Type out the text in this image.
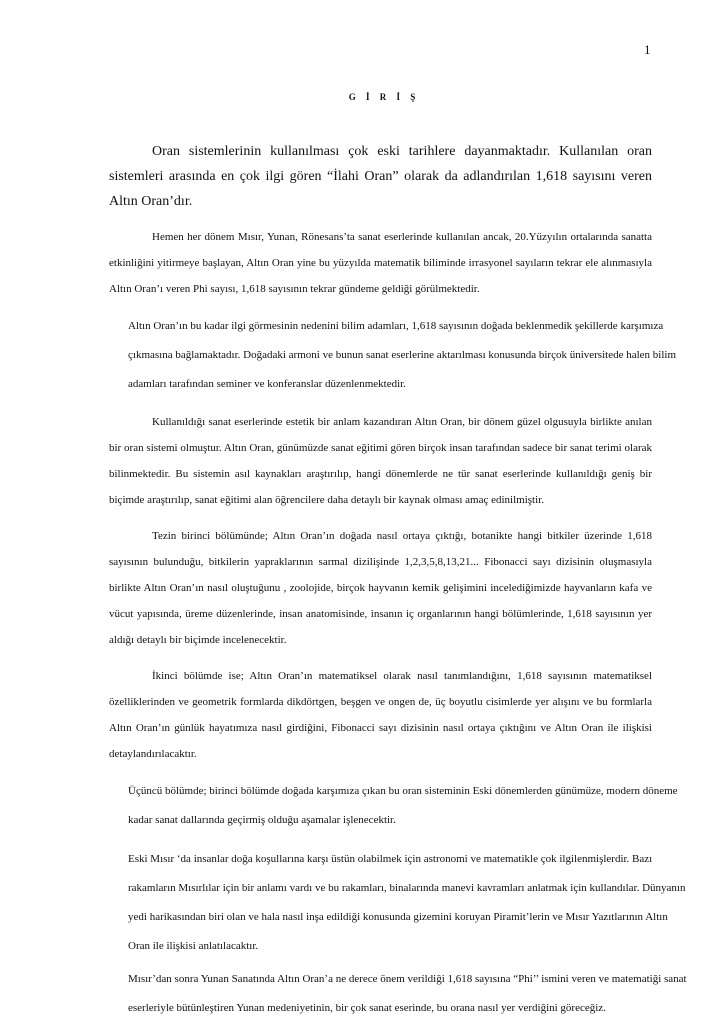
1
G İ R İ Ş

Oran sistemlerinin kullanılması çok eski tarihlere dayanmaktadır. Kullanılan oran sistemleri arasında en çok ilgi gören “İlahi Oran” olarak da adlandırılan 1,618 sayısını veren Altın Oran’dır.

Hemen her dönem Mısır, Yunan, Rönesans’ta sanat eserlerinde kullanılan ancak, 20.Yüzyılın ortalarında sanatta etkinliğini yitirmeye başlayan, Altın Oran yine bu yüzyılda matematik biliminde irrasyonel sayıların tekrar ele alınmasıyla Altın Oran’ı veren Phi sayısı, 1,618 sayısının tekrar gündeme geldiği görülmektedir.

Altın Oran’ın bu kadar ilgi görmesinin nedenini bilim adamları, 1,618 sayısının doğada beklenmedik şekillerde karşımıza çıkmasına bağlamaktadır. Doğadaki armoni ve bunun sanat eserlerine aktarılması konusunda birçok üniversitede halen bilim adamları tarafından seminer ve konferanslar düzenlenmektedir.

Kullanıldığı sanat eserlerinde estetik bir anlam kazandıran Altın Oran, bir dönem güzel olgusuyla birlikte anılan bir oran sistemi olmuştur. Altın Oran, günümüzde sanat eğitimi gören birçok insan tarafından sadece bir sanat terimi olarak bilinmektedir. Bu sistemin asıl kaynakları araştırılıp, hangi dönemlerde ne tür sanat eserlerinde kullanıldığı geniş bir biçimde araştırılıp, sanat eğitimi alan öğrencilere daha detaylı bir kaynak olması amaç edinilmiştir.

Tezin birinci bölümünde; Altın Oran’ın doğada nasıl ortaya çıktığı, botanikte hangi bitkiler üzerinde 1,618 sayısının bulunduğu, bitkilerin yapraklarının sarmal dizilişinde 1,2,3,5,8,13,21... Fibonacci sayı dizisinin oluşmasıyla birlikte Altın Oran’ın nasıl oluştuğunu , zoolojide, birçok hayvanın kemik gelişimini incelediğimizde hayvanların kafa ve vücut yapısında, üreme düzenlerinde, insan anatomisinde, insanın iç organlarının hangi bölümlerinde, 1,618 sayısının yer aldığı detaylı bir biçimde incelenecektir.

İkinci bölümde ise; Altın Oran’ın matematiksel olarak nasıl tanımlandığını, 1,618 sayısının matematiksel özelliklerinden ve geometrik formlarda dikdörtgen, beşgen ve ongen de, üç boyutlu cisimlerde yer alışını ve bu formlarla Altın Oran’ın günlük hayatımıza nasıl girdiğini, Fibonacci sayı dizisinin nasıl ortaya çıktığını ve Altın Oran ile ilişkisi detaylandırılacaktır.

Üçüncü bölümde; birinci bölümde doğada karşımıza çıkan bu oran sisteminin Eski dönemlerden günümüze, modern döneme kadar sanat dallarında geçirmiş olduğu aşamalar işlenecektir.

Eski Mısır ‘da insanlar doğa koşullarına karşı üstün olabilmek için astronomi ve matematikle çok ilgilenmişlerdir. Bazı rakamların Mısırlılar için bir anlamı vardı ve bu rakamları, binalarında manevi kavramları anlatmak için kullandılar. Dünyanın yedi harikasından biri olan ve hala nasıl inşa edildiği konusunda gizemini koruyan Piramit’lerin ve Mısır Yazıtlarının Altın Oran ile ilişkisi anlatılacaktır.

Mısır’dan sonra Yunan Sanatında Altın Oran’a ne derece önem verildiği 1,618 sayısına “Phi’’ ismini veren ve matematiği sanat eserleriyle bütünleştiren Yunan medeniyetinin, bir çok sanat eserinde, bu orana nasıl yer verdiğini göreceğiz.
